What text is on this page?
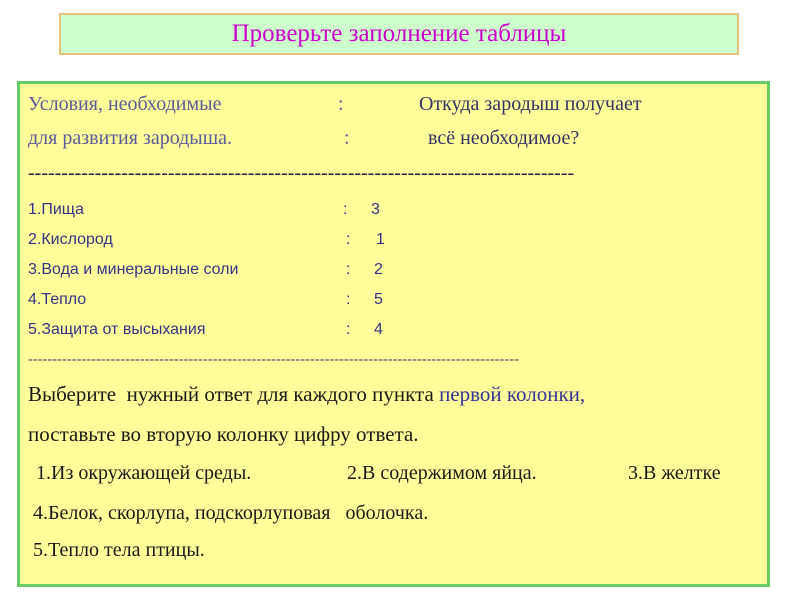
Проверьте заполнение таблицы
Условия, необходимые	:	Откуда зародыш получает
для развития зародыша.	:	всё необходимое?
----------------------------------------------------------------------------------
1.Пища	: 3
2.Кислород	: 1
3.Вода и минеральные соли	: 2
4.Тепло	: 5
5.Защита от высыхания	: 4
-----------------------------------------------------------------------------------------------------
Выберите  нужный ответ для каждого пункта первой колонки,
поставьте во вторую колонку цифру ответа.
1.Из окружающей среды.	2.В содержимом яйца.	3.В желтке
4.Белок, скорлупа, подскорлуповая   оболочка.
5.Тепло тела птицы.
